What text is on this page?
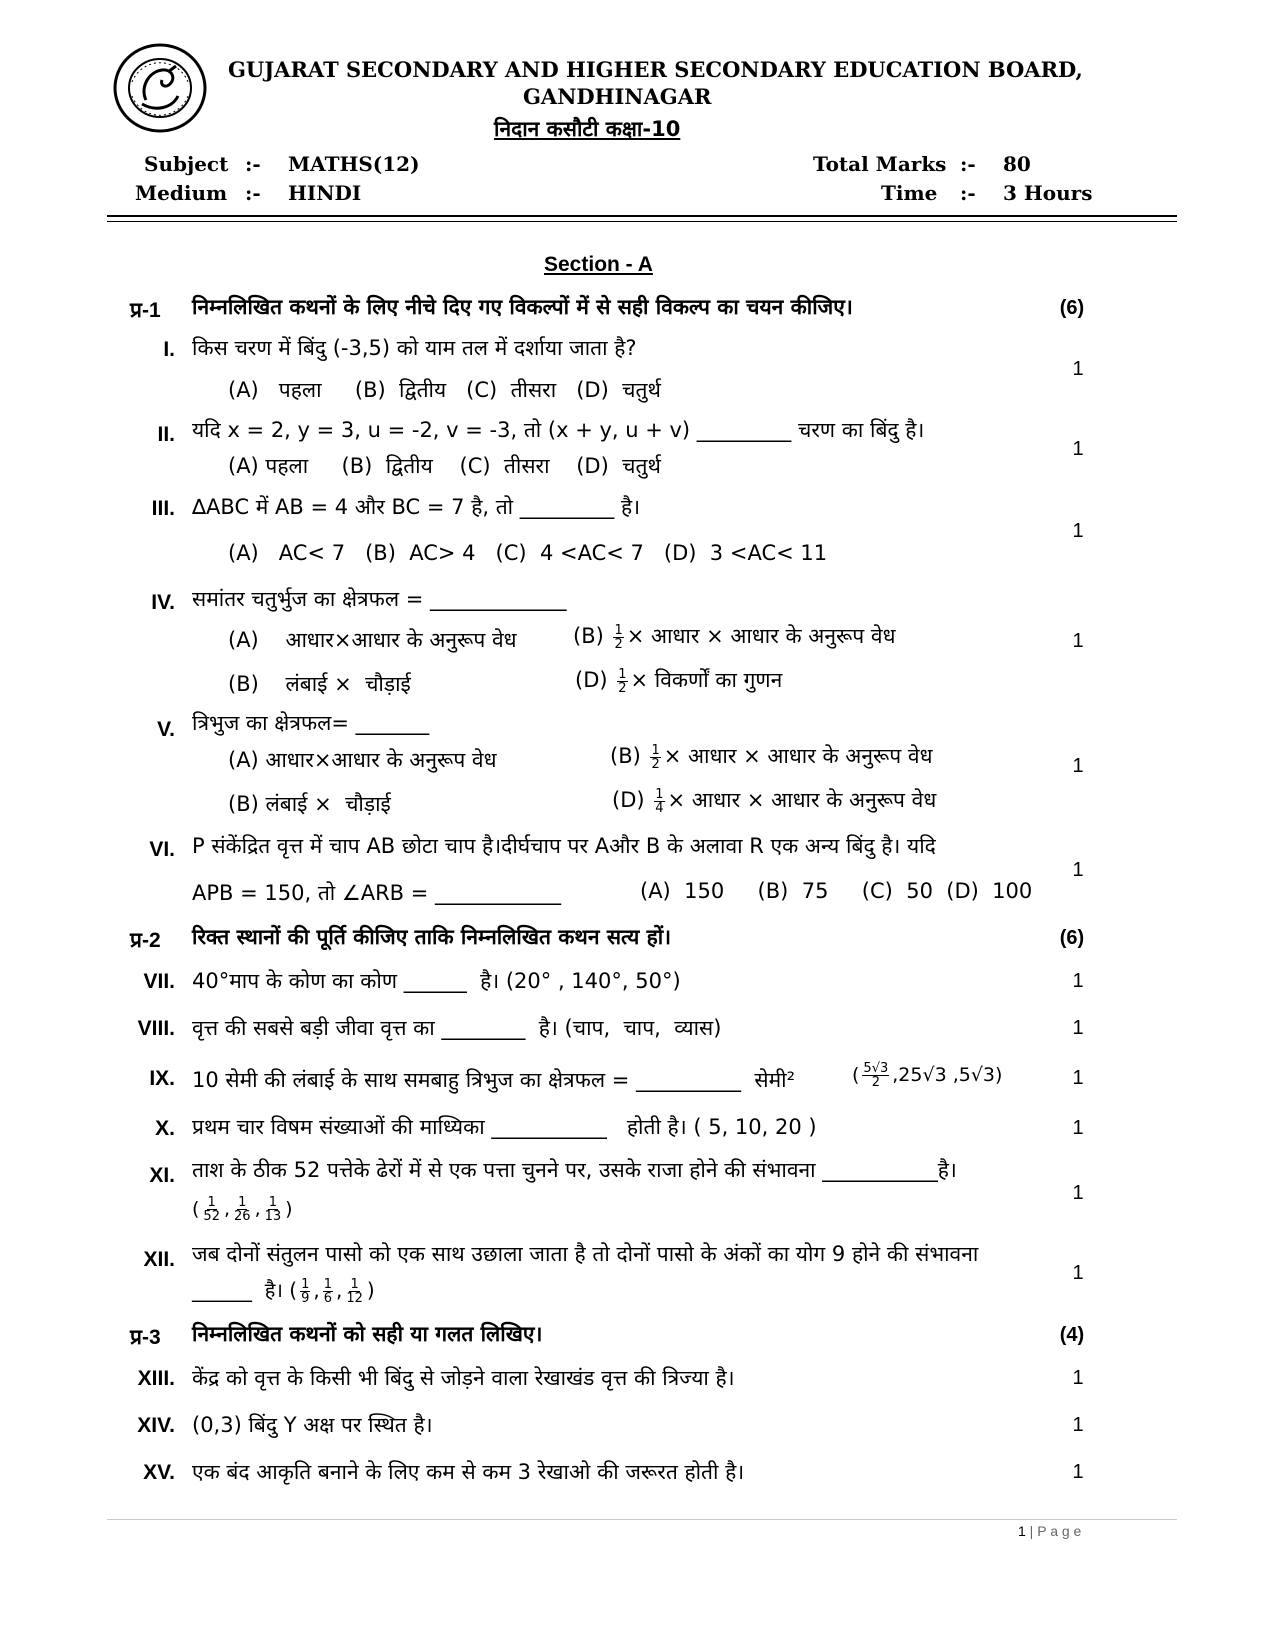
GUJARAT SECONDARY AND HIGHER SECONDARY EDUCATION BOARD,
GANDHINAGAR
निदान कसौटी कक्षा-10
Subject :- MATHS(12)
Medium :- HINDI
Total Marks :- 80
Time :- 3 Hours
Section - A
प्र-1 निम्नलिखित कथनों के लिए नीचे दिए गए विकल्पों में से सही विकल्प का चयन कीजिए।	(6)
I. किस चरण में बिंदु (-3,5) को याम तल में दर्शाया जाता है?
(A)   पहला     (B)  द्वितीय   (C)  तीसरा   (D)  चतुर्थ
1
II. यदि x = 2, y = 3, u = -2, v = -3, तो (x + y, u + v) _________ चरण का बिंदु है।
(A) पहला     (B)  द्वितीय    (C)  तीसरा    (D)  चतुर्थ
1
III. ∆ABC में AB = 4 और BC = 7 है, तो _________ है।
(A)   AC< 7   (B)  AC> 4   (C)  4 <AC< 7   (D)  3 <AC< 11
1
IV. समांतर चतुर्भुज का क्षेत्रफल = _____________
(A)    आधार×आधार के अनुरूप वेध	$(B) \frac{1}{2}$ × आधार × आधार के अनुरूप वेध
(B)    लंबाई ×  चौड़ाई	$(D) \frac{1}{2}$ × विकर्णों का गुणन
1
V. त्रिभुज का क्षेत्रफल= _______
(A) आधार×आधार के अनुरूप वेध	$(B) \frac{1}{2}$ × आधार × आधार के अनुरूप वेध
(B) लंबाई ×  चौड़ाई	$(D) \frac{1}{4}$ × आधार × आधार के अनुरूप वेध
1
VI. P संकेंद्रित वृत्त में चाप AB छोटा चाप है।दीर्घचाप पर Aऔर B के अलावा R एक अन्य बिंदु है। यदि
APB = 150, तो ∠ARB = ____________	(A)  150     (B)  75     (C)  50  (D)  100
1
प्र-2 रिक्त स्थानों की पूर्ति कीजिए ताकि निम्नलिखित कथन सत्य हों।	(6)
VII. 40°माप के कोण का कोण ______  है। (20° , 140°, 50°)	1
VIII. वृत्त की सबसे बड़ी जीवा वृत्त का ________  है। (चाप,  चाप,  व्यास)	1
IX. 10 सेमी की लंबाई के साथ समबाहु त्रिभुज का क्षेत्रफल = __________  सेमी²	( $\frac{5√3}{2} ,25√3$ ,5√3)	1
X. प्रथम चार विषम संख्याओं की माध्यिका ___________   होती है। ( 5, 10, 20 )	1
XI. ताश के ठीक 52 पत्तेके ढेरों में से एक पत्ता चुनने पर, उसके राजा होने की संभावना ___________है।
( $\frac{1}{52}$ , $\frac{1}{26}$ , $\frac{1}{13}$ )
1
XII. जब दोनों संतुलन पासो को एक साथ उछाला जाता है तो दोनों पासो के अंकों का योग 9 होने की संभावना
______  है। ( $\frac{1}{9}$ , $\frac{1}{6}$ , $\frac{1}{12}$ )
1
प्र-3 निम्नलिखित कथनों को सही या गलत लिखिए।	(4)
XIII. केंद्र को वृत्त के किसी भी बिंदु से जोड़ने वाला रेखाखंड वृत्त की त्रिज्या है।	1
XIV. (0,3) बिंदु Y अक्ष पर स्थित है।	1
XV. एक बंद आकृति बनाने के लिए कम से कम 3 रेखाओ की जरूरत होती है।	1
1 | P a g e
